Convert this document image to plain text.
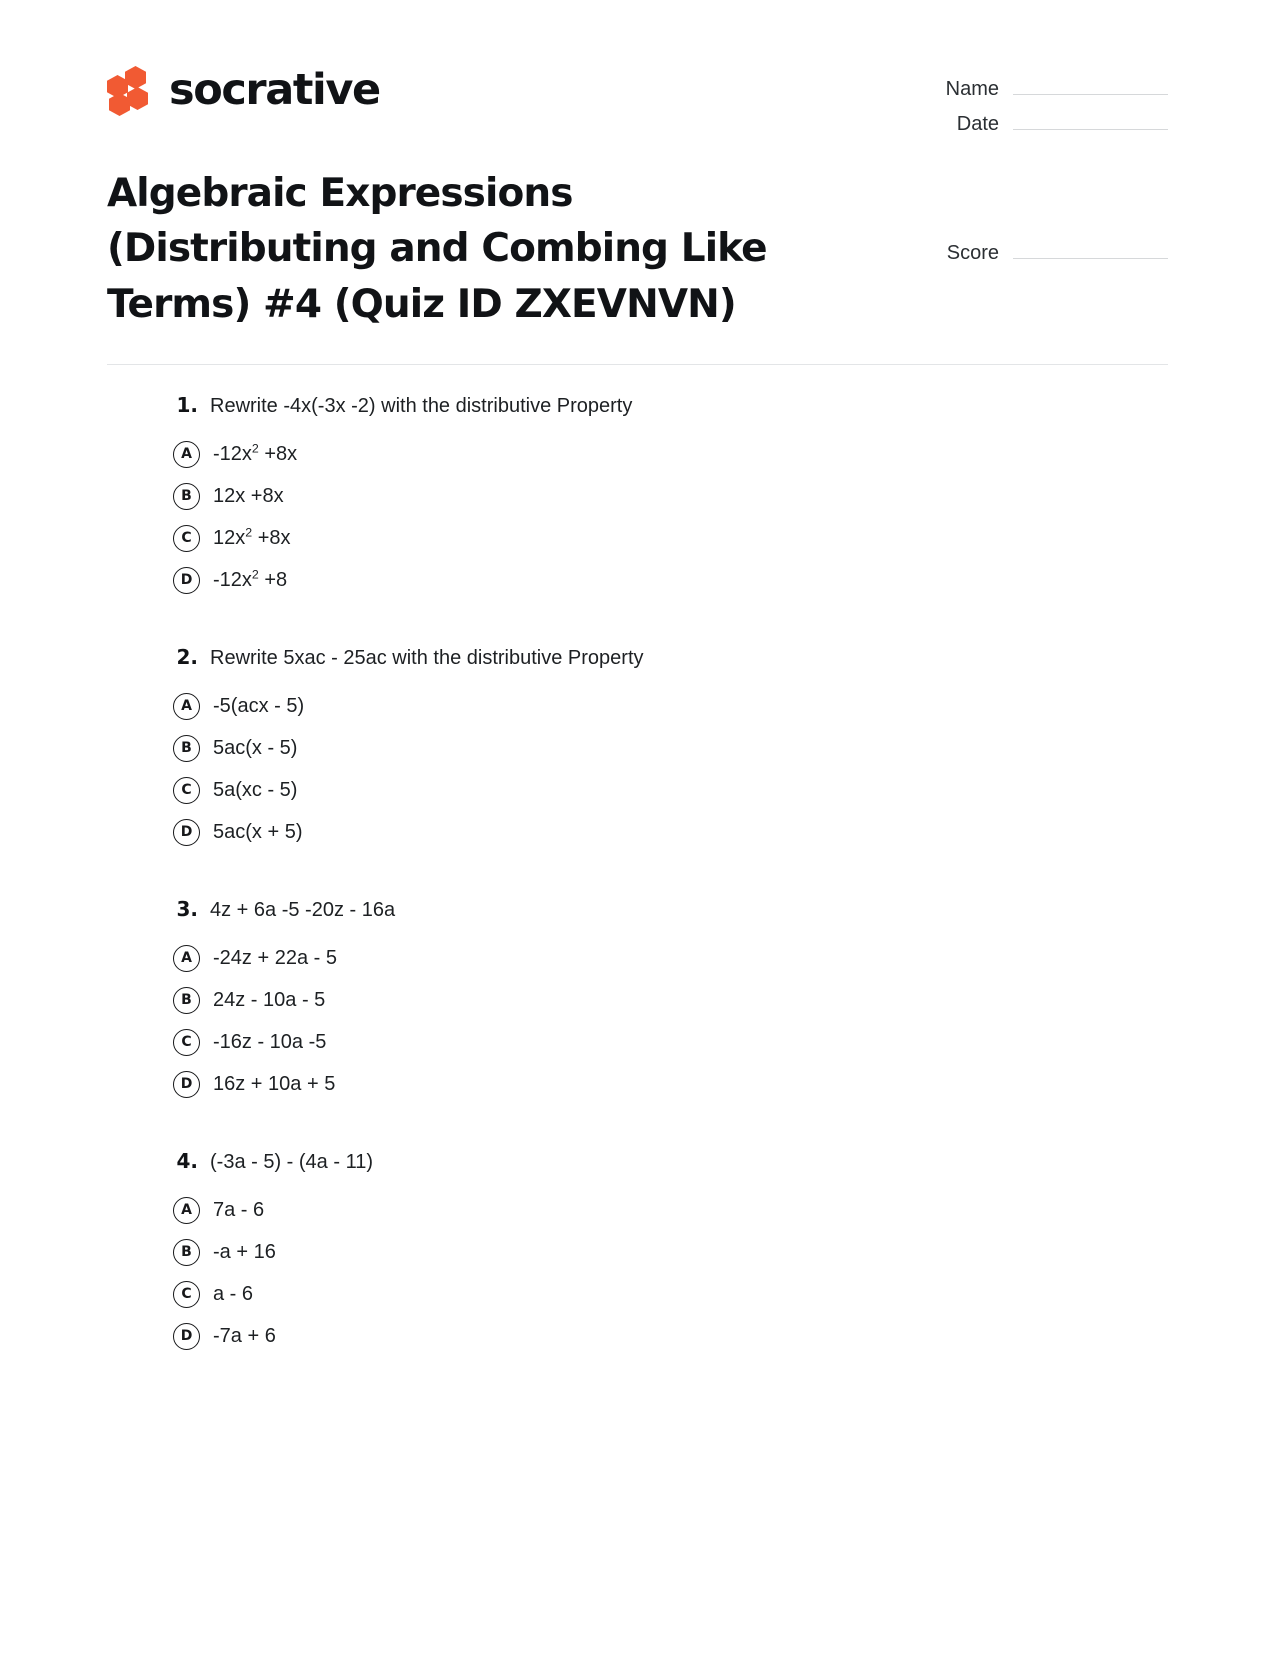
socrative	Name
Date
Algebraic Expressions (Distributing and Combing Like Terms) #4 (Quiz ID ZXEVNVN)
Score
1. Rewrite -4x(-3x -2) with the distributive Property
A	$-12x^2 +8x$
B	12x +8x
C	$12x^2 +8x$
D	$-12x^2 +8$
2. Rewrite 5xac - 25ac with the distributive Property
A	-5(acx - 5)
B	5ac(x - 5)
C	5a(xc - 5)
D	5ac(x + 5)
3. 4z + 6a -5 -20z - 16a
A	-24z + 22a - 5
B	24z - 10a - 5
C	-16z - 10a -5
D	16z + 10a + 5
4. (-3a - 5) - (4a - 11)
A	7a - 6
B	-a + 16
C	a - 6
D	-7a + 6
